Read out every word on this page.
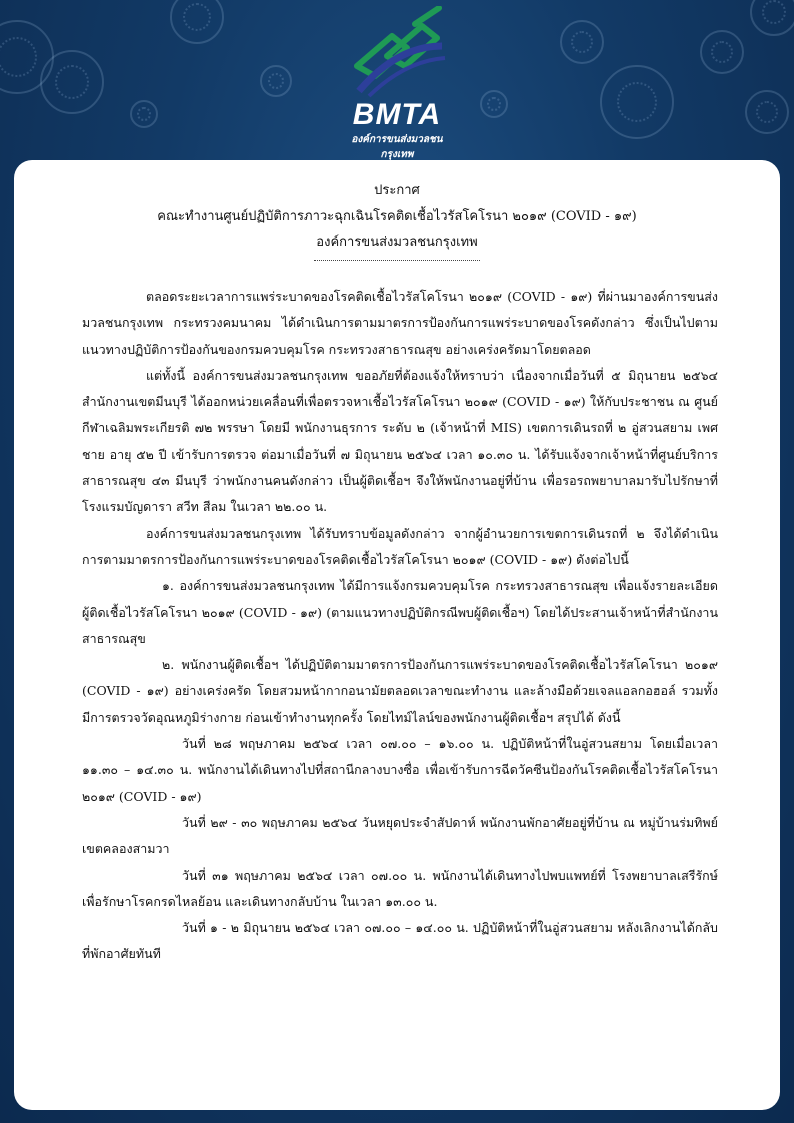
BMTA
องค์การขนส่งมวลชนกรุงเทพ
ประกาศ
คณะทำงานศูนย์ปฏิบัติการภาวะฉุกเฉินโรคติดเชื้อไวรัสโคโรนา ๒๐๑๙ (COVID - ๑๙)
องค์การขนส่งมวลชนกรุงเทพ

ตลอดระยะเวลาการแพร่ระบาดของโรคติดเชื้อไวรัสโคโรนา ๒๐๑๙ (COVID - ๑๙) ที่ผ่านมาองค์การขนส่งมวลชนกรุงเทพ กระทรวงคมนาคม ได้ดำเนินการตามมาตรการป้องกันการแพร่ระบาดของโรคดังกล่าว ซึ่งเป็นไปตามแนวทางปฏิบัติการป้องกันของกรมควบคุมโรค กระทรวงสาธารณสุข อย่างเคร่งครัดมาโดยตลอด

แต่ทั้งนี้ องค์การขนส่งมวลชนกรุงเทพ ขออภัยที่ต้องแจ้งให้ทราบว่า เนื่องจากเมื่อวันที่ ๕ มิถุนายน ๒๕๖๔ สำนักงานเขตมีนบุรี ได้ออกหน่วยเคลื่อนที่เพื่อตรวจหาเชื้อไวรัสโคโรนา ๒๐๑๙ (COVID - ๑๙) ให้กับประชาชน ณ ศูนย์กีฬาเฉลิมพระเกียรติ ๗๒ พรรษา โดยมี พนักงานธุรการ ระดับ ๒ (เจ้าหน้าที่ MIS) เขตการเดินรถที่ ๒ อู่สวนสยาม เพศชาย อายุ ๕๒ ปี เข้ารับการตรวจ ต่อมาเมื่อวันที่ ๗ มิถุนายน ๒๕๖๔ เวลา ๑๐.๓๐ น. ได้รับแจ้งจากเจ้าหน้าที่ศูนย์บริการสาธารณสุข ๔๓ มีนบุรี ว่าพนักงานคนดังกล่าว เป็นผู้ติดเชื้อฯ จึงให้พนักงานอยู่ที่บ้าน เพื่อรอรถพยาบาลมารับไปรักษาที่ โรงแรมบัญดารา สวีท สีลม ในเวลา ๒๒.๐๐ น.

องค์การขนส่งมวลชนกรุงเทพ ได้รับทราบข้อมูลดังกล่าว จากผู้อำนวยการเขตการเดินรถที่ ๒ จึงได้ดำเนินการตามมาตรการป้องกันการแพร่ระบาดของโรคติดเชื้อไวรัสโคโรนา ๒๐๑๙ (COVID - ๑๙) ดังต่อไปนี้

๑. องค์การขนส่งมวลชนกรุงเทพ ได้มีการแจ้งกรมควบคุมโรค กระทรวงสาธารณสุข เพื่อแจ้งรายละเอียดผู้ติดเชื้อไวรัสโคโรนา ๒๐๑๙ (COVID - ๑๙) (ตามแนวทางปฏิบัติกรณีพบผู้ติดเชื้อฯ) โดยได้ประสานเจ้าหน้าที่สำนักงานสาธารณสุข

๒. พนักงานผู้ติดเชื้อฯ ได้ปฏิบัติตามมาตรการป้องกันการแพร่ระบาดของโรคติดเชื้อไวรัสโคโรนา ๒๐๑๙ (COVID - ๑๙) อย่างเคร่งครัด โดยสวมหน้ากากอนามัยตลอดเวลาขณะทำงาน และล้างมือด้วยเจลแอลกอฮอล์ รวมทั้ง มีการตรวจวัดอุณหภูมิร่างกาย ก่อนเข้าทำงานทุกครั้ง โดยไทม์ไลน์ของพนักงานผู้ติดเชื้อฯ สรุปได้ ดังนี้

วันที่ ๒๘ พฤษภาคม ๒๕๖๔ เวลา ๐๗.๐๐ – ๑๖.๐๐ น. ปฏิบัติหน้าที่ในอู่สวนสยาม โดยเมื่อเวลา ๑๑.๓๐ – ๑๔.๓๐ น. พนักงานได้เดินทางไปที่สถานีกลางบางซื่อ เพื่อเข้ารับการฉีดวัคซีนป้องกันโรคติดเชื้อไวรัสโคโรนา ๒๐๑๙ (COVID - ๑๙)

วันที่ ๒๙ - ๓๐ พฤษภาคม ๒๕๖๔ วันหยุดประจำสัปดาห์ พนักงานพักอาศัยอยู่ที่บ้าน ณ หมู่บ้านร่มทิพย์ เขตคลองสามวา

วันที่ ๓๑ พฤษภาคม ๒๕๖๔ เวลา ๐๗.๐๐ น. พนักงานได้เดินทางไปพบแพทย์ที่ โรงพยาบาลเสรีรักษ์ เพื่อรักษาโรคกรดไหลย้อน และเดินทางกลับบ้าน ในเวลา ๑๓.๐๐ น.

วันที่ ๑ - ๒ มิถุนายน ๒๕๖๔ เวลา ๐๗.๐๐ – ๑๔.๐๐ น. ปฏิบัติหน้าที่ในอู่สวนสยาม หลังเลิกงานได้กลับที่พักอาศัยทันที
